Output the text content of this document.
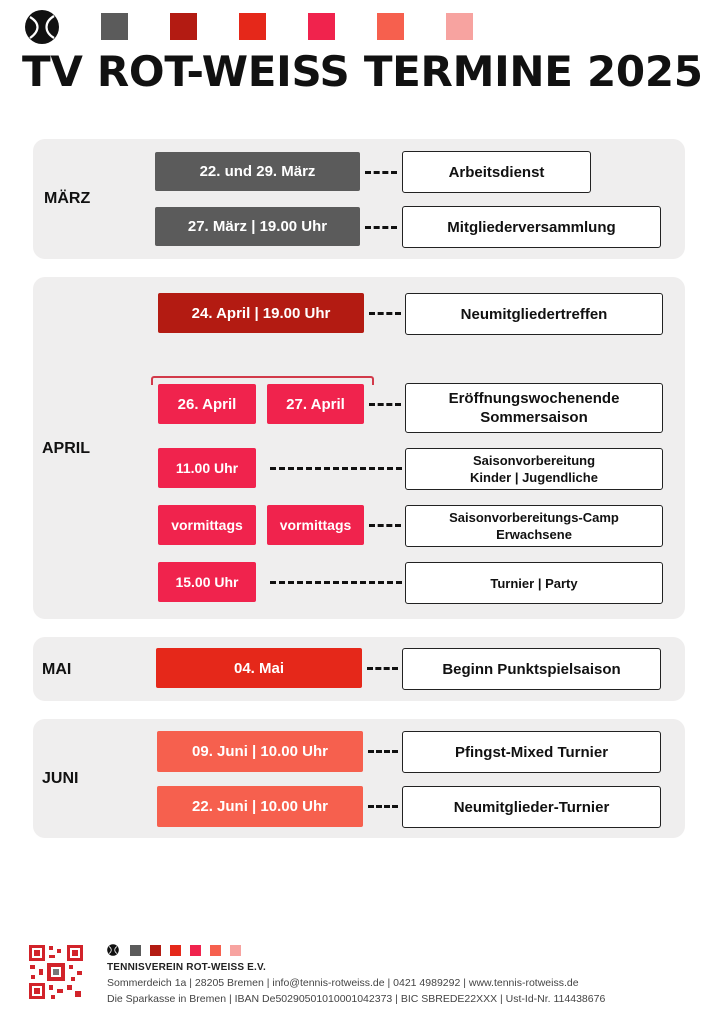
TV ROT-WEISS TERMINE 2025
MÄRZ
22. und 29. März	Arbeitsdienst
27. März | 19.00 Uhr	Mitgliederversammlung
APRIL
24. April | 19.00 Uhr	Neumitgliedertreffen
26. April	27. April	Eröffnungswochenende
Sommersaison
11.00 Uhr	Saisonvorbereitung
Kinder | Jugendliche
vormittags	vormittags	Saisonvorbereitungs-Camp
Erwachsene
15.00 Uhr	Turnier | Party
MAI	04. Mai	Beginn Punktspielsaison
JUNI
09. Juni | 10.00 Uhr	Pfingst-Mixed Turnier
22. Juni | 10.00 Uhr	Neumitglieder-Turnier
TENNISVEREIN ROT-WEISS E.V.
Sommerdeich 1a | 28205 Bremen | info@tennis-rotweiss.de | 0421 4989292 | www.tennis-rotweiss.de
Die Sparkasse in Bremen | IBAN De50290501010001042373 | BIC SBREDE22XXX | Ust-Id-Nr. 114438676
